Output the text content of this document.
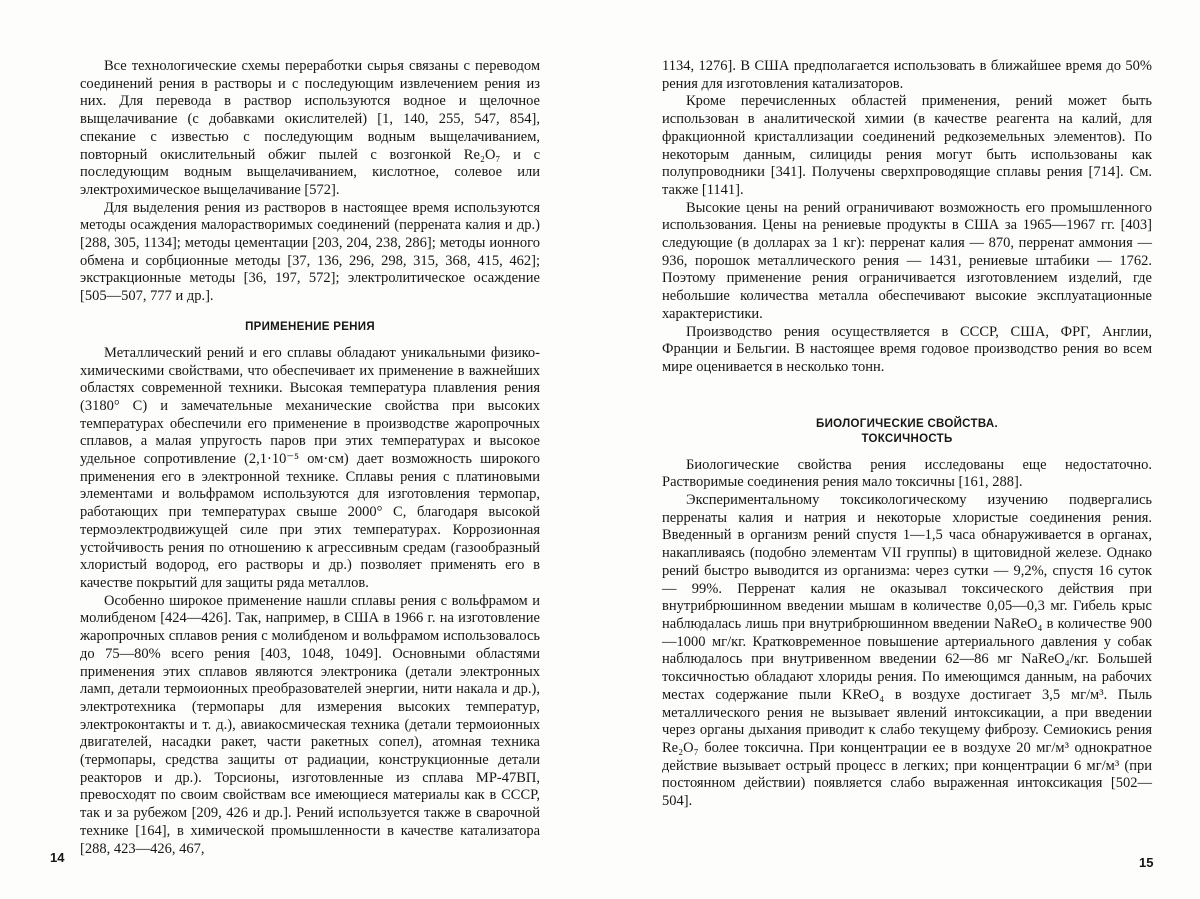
Все технологические схемы переработки сырья связаны с переводом соединений рения в растворы и с последующим извлечением рения из них. Для перевода в раствор используются водное и щелочное выщелачивание (с добавками окислителей) [1, 140, 255, 547, 854], спекание с известью с последующим водным выщелачиванием, повторный окислительный обжиг пылей с возгонкой Re₂O₇ и с последующим водным выщелачиванием, кислотное, солевое или электрохимическое выщелачивание [572].

Для выделения рения из растворов в настоящее время используются методы осаждения малорастворимых соединений (перрената калия и др.) [288, 305, 1134]; методы цементации [203, 204, 238, 286]; методы ионного обмена и сорбционные методы [37, 136, 296, 298, 315, 368, 415, 462]; экстракционные методы [36, 197, 572]; электролитическое осаждение [505—507, 777 и др.].

ПРИМЕНЕНИЕ РЕНИЯ

Металлический рений и его сплавы обладают уникальными физико-химическими свойствами, что обеспечивает их применение в важнейших областях современной техники. Высокая температура плавления рения (3180° С) и замечательные механические свойства при высоких температурах обеспечили его применение в производстве жаропрочных сплавов, а малая упругость паров при этих температурах и высокое удельное сопротивление (2,1·10⁻⁵ ом·см) дает возможность широкого применения его в электронной технике. Сплавы рения с платиновыми элементами и вольфрамом используются для изготовления термопар, работающих при температурах свыше 2000° С, благодаря высокой термоэлектродвижущей силе при этих температурах. Коррозионная устойчивость рения по отношению к агрессивным средам (газообразный хлористый водород, его растворы и др.) позволяет применять его в качестве покрытий для защиты ряда металлов.

Особенно широкое применение нашли сплавы рения с вольфрамом и молибденом [424—426]. Так, например, в США в 1966 г. на изготовление жаропрочных сплавов рения с молибденом и вольфрамом использовалось до 75—80% всего рения [403, 1048, 1049]. Основными областями применения этих сплавов являются электроника (детали электронных ламп, детали термоионных преобразователей энергии, нити накала и др.), электротехника (термопары для измерения высоких температур, электроконтакты и т. д.), авиакосмическая техника (детали термоионных двигателей, насадки ракет, части ракетных сопел), атомная техника (термопары, средства защиты от радиации, конструкционные детали реакторов и др.). Торсионы, изготовленные из сплава МР-47ВП, превосходят по своим свойствам все имеющиеся материалы как в СССР, так и за рубежом [209, 426 и др.]. Рений используется также в сварочной технике [164], в химической промышленности в качестве катализатора [288, 423—426, 467,

1134, 1276]. В США предполагается использовать в ближайшее время до 50% рения для изготовления катализаторов.

Кроме перечисленных областей применения, рений может быть использован в аналитической химии (в качестве реагента на калий, для фракционной кристаллизации соединений редкоземельных элементов). По некоторым данным, силициды рения могут быть использованы как полупроводники [341]. Получены сверхпроводящие сплавы рения [714]. См. также [1141].

Высокие цены на рений ограничивают возможность его промышленного использования. Цены на рениевые продукты в США за 1965—1967 гг. [403] следующие (в долларах за 1 кг): перренат калия — 870, перренат аммония — 936, порошок металлического рения — 1431, рениевые штабики — 1762. Поэтому применение рения ограничивается изготовлением изделий, где небольшие количества металла обеспечивают высокие эксплуатационные характеристики.

Производство рения осуществляется в СССР, США, ФРГ, Англии, Франции и Бельгии. В настоящее время годовое производство рения во всем мире оценивается в несколько тонн.

БИОЛОГИЧЕСКИЕ СВОЙСТВА.
ТОКСИЧНОСТЬ

Биологические свойства рения исследованы еще недостаточно. Растворимые соединения рения мало токсичны [161, 288].

Экспериментальному токсикологическому изучению подвергались перренаты калия и натрия и некоторые хлористые соединения рения. Введенный в организм рений спустя 1—1,5 часа обнаруживается в органах, накапливаясь (подобно элементам VII группы) в щитовидной железе. Однако рений быстро выводится из организма: через сутки — 9,2%, спустя 16 суток — 99%. Перренат калия не оказывал токсического действия при внутрибрюшинном введении мышам в количестве 0,05—0,3 мг. Гибель крыс наблюдалась лишь при внутрибрюшинном введении NaReO₄ в количестве 900—1000 мг/кг. Кратковременное повышение артериального давления у собак наблюдалось при внутривенном введении 62—86 мг NaReO₄/кг. Большей токсичностью обладают хлориды рения. По имеющимся данным, на рабочих местах содержание пыли KReO₄ в воздухе достигает 3,5 мг/м³. Пыль металлического рения не вызывает явлений интоксикации, а при введении через органы дыхания приводит к слабо текущему фиброзу. Семиокись рения Re₂O₇ более токсична. При концентрации ее в воздухе 20 мг/м³ однократное действие вызывает острый процесс в легких; при концентрации 6 мг/м³ (при постоянном действии) появляется слабо выраженная интоксикация [502—504].

14	15
